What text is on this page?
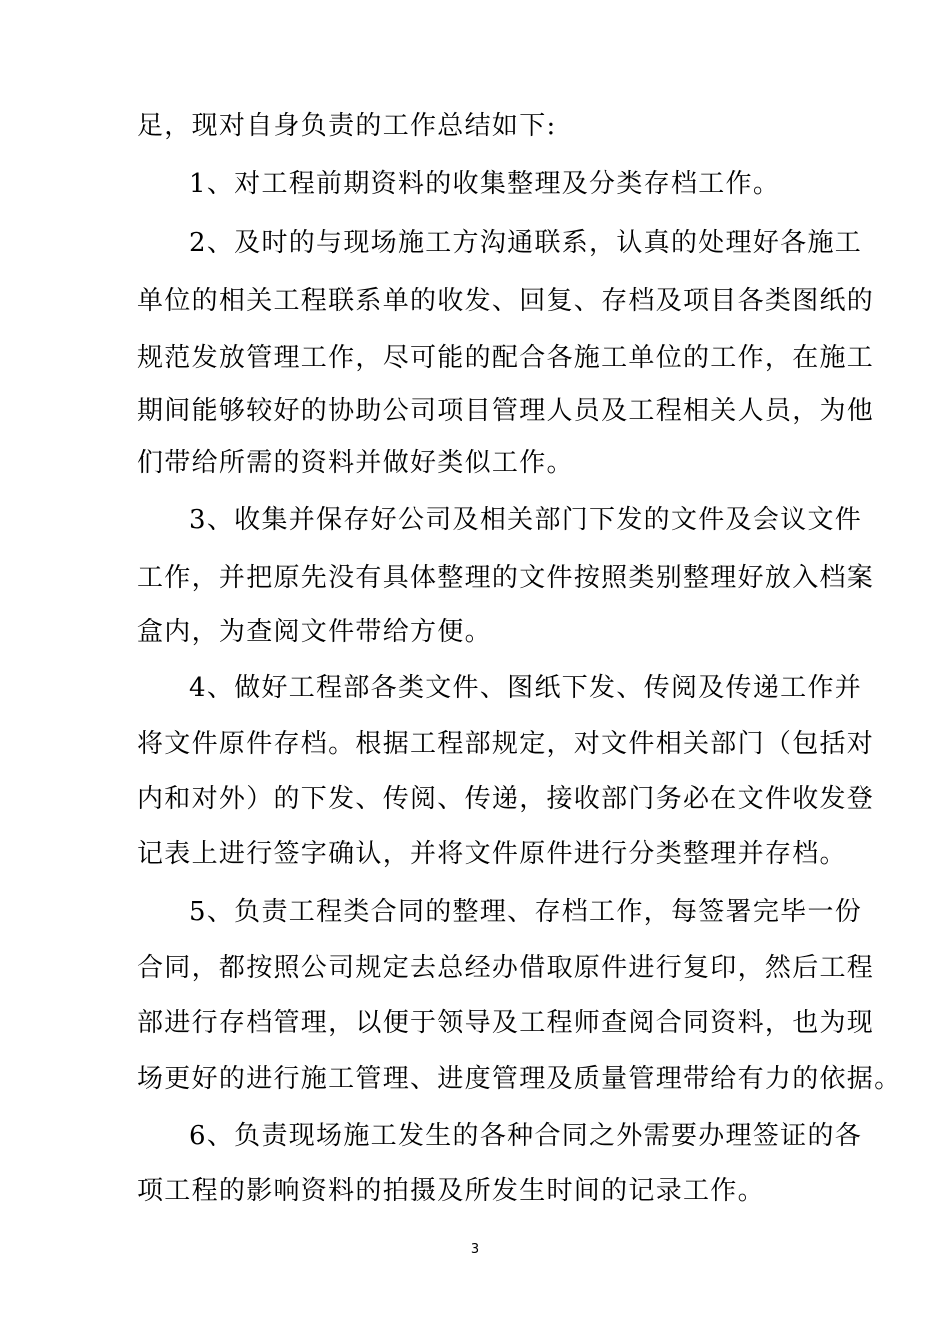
足，现对自身负责的工作总结如下:
1、对工程前期资料的收集整理及分类存档工作。
2、及时的与现场施工方沟通联系，认真的处理好各施工
单位的相关工程联系单的收发、回复、存档及项目各类图纸的
规范发放管理工作，尽可能的配合各施工单位的工作，在施工
期间能够较好的协助公司项目管理人员及工程相关人员，为他
们带给所需的资料并做好类似工作。
3、收集并保存好公司及相关部门下发的文件及会议文件
工作，并把原先没有具体整理的文件按照类别整理好放入档案
盒内，为查阅文件带给方便。
4、做好工程部各类文件、图纸下发、传阅及传递工作并
将文件原件存档。根据工程部规定，对文件相关部门（包括对
内和对外）的下发、传阅、传递，接收部门务必在文件收发登
记表上进行签字确认，并将文件原件进行分类整理并存档。
5、负责工程类合同的整理、存档工作，每签署完毕一份
合同，都按照公司规定去总经办借取原件进行复印，然后工程
部进行存档管理，以便于领导及工程师查阅合同资料，也为现
场更好的进行施工管理、进度管理及质量管理带给有力的依据。
6、负责现场施工发生的各种合同之外需要办理签证的各
项工程的影响资料的拍摄及所发生时间的记录工作。
3
